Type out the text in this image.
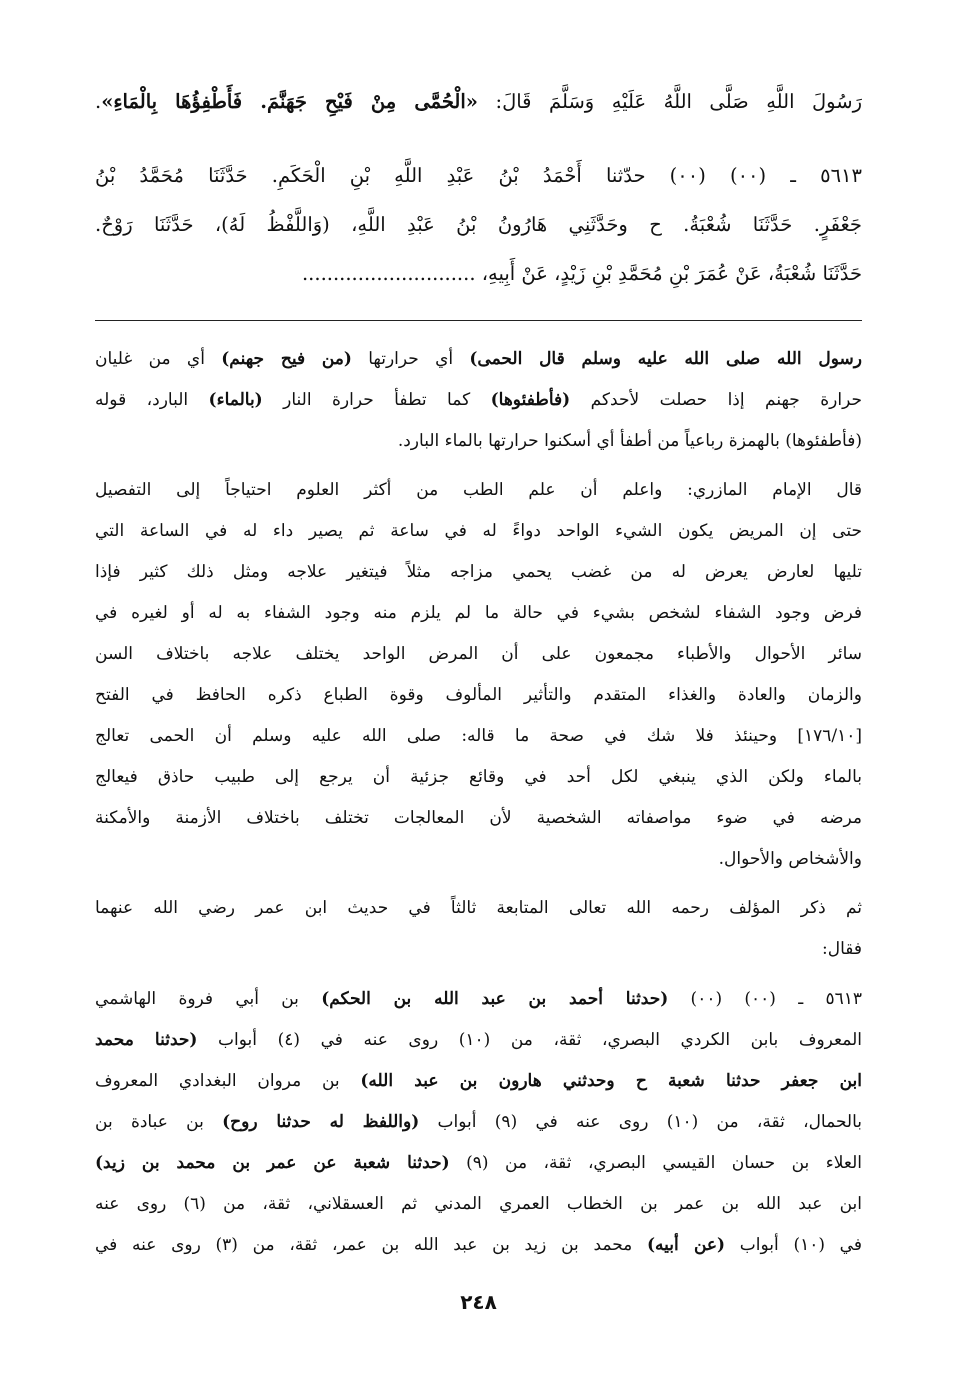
رَسُولَ اللَّهِ صَلَّى اللَّهُ عَلَيْهِ وَسَلَّمَ قَالَ: «الْحُمَّى مِنْ فَيْحِ جَهَنَّمَ. فَأَطْفِؤُهَا بِالْمَاءِ».
٥٦١٣ ـ (٠٠) (٠٠) حدّثنا أَحْمَدُ بْنُ عَبْدِ اللَّهِ بْنِ الْحَكَمِ. حَدَّثَنَا مُحَمَّدُ بْنُ
جَعْفَرٍ. حَدَّثَنَا شُعْبَةُ. ح وحَدَّثَنِي هَارُونُ بْنُ عَبْدِ اللَّهِ، (وَاللَّفْظُ لَهُ)، حَدَّثَنَا رَوْحٌ.
حَدَّثَنَا شُعْبَةُ، عَنْ عُمَرَ بْنِ مُحَمَّدِ بْنِ زَيْدٍ، عَنْ أَبِيهِ، ............................
رسول الله صلى الله عليه وسلم قال الحمى) أي حرارتها (من فيح جهنم) أي من غليان
حرارة جهنم إذا حصلت لأحدكم (فأطفئوها) كما تطفأ حرارة النار (بالماء) البارد، قوله
(فأطفئوها) بالهمزة رباعياً من أطفأ أي أسكنوا حرارتها بالماء البارد.
قال الإمام المازري: واعلم أن علم الطب من أكثر العلوم احتياجاً إلى التفصيل
حتى إن المريض يكون الشيء الواحد دواءً له في ساعة ثم يصير داء له في الساعة التي
تليها لعارض يعرض له من غضب يحمي مزاجه مثلاً فيتغير علاجه ومثل ذلك كثير فإذا
فرض وجود الشفاء لشخص بشيء في حالة ما لم يلزم منه وجود الشفاء به له أو لغيره في
سائر الأحوال والأطباء مجمعون على أن المرض الواحد يختلف علاجه باختلاف السن
والزمان والعادة والغذاء المتقدم والتأثير المألوف وقوة الطباع ذكره الحافظ في الفتح
[١٧٦/١٠] وحينئذ فلا شك في صحة ما قاله: صلى الله عليه وسلم أن الحمى تعالج
بالماء ولكن الذي ينبغي لكل أحد في وقائع جزئية أن يرجع إلى طبيب حاذق فيعالج
مرضه في ضوء مواصفاته الشخصية لأن المعالجات تختلف باختلاف الأزمنة والأمكنة
والأشخاص والأحوال.
ثم ذكر المؤلف رحمه الله تعالى المتابعة ثالثاً في حديث ابن عمر رضي الله عنهما
فقال:
٥٦١٣ ـ (٠٠) (٠٠) (حدثنا أحمد بن عبد الله بن الحكم) بن أبي فروة الهاشمي
المعروف بابن الكردي البصري، ثقة، من (١٠) روى عنه في (٤) أبواب (حدثنا محمد
ابن جعفر حدثنا شعبة ح وحدثني هارون بن عبد الله) بن مروان البغدادي المعروف
بالحمال، ثقة، من (١٠) روى عنه في (٩) أبواب (واللفظ له حدثنا روح) بن عبادة بن
العلاء بن حسان القيسي البصري، ثقة، من (٩) (حدثنا شعبة عن عمر بن محمد بن زيد)
ابن عبد الله بن عمر بن الخطاب العمري المدني ثم العسقلاني، ثقة، من (٦) روى عنه
في (١٠) أبواب (عن أبيه) محمد بن زيد بن عبد الله بن عمر، ثقة، من (٣) روى عنه في
٢٤٨
